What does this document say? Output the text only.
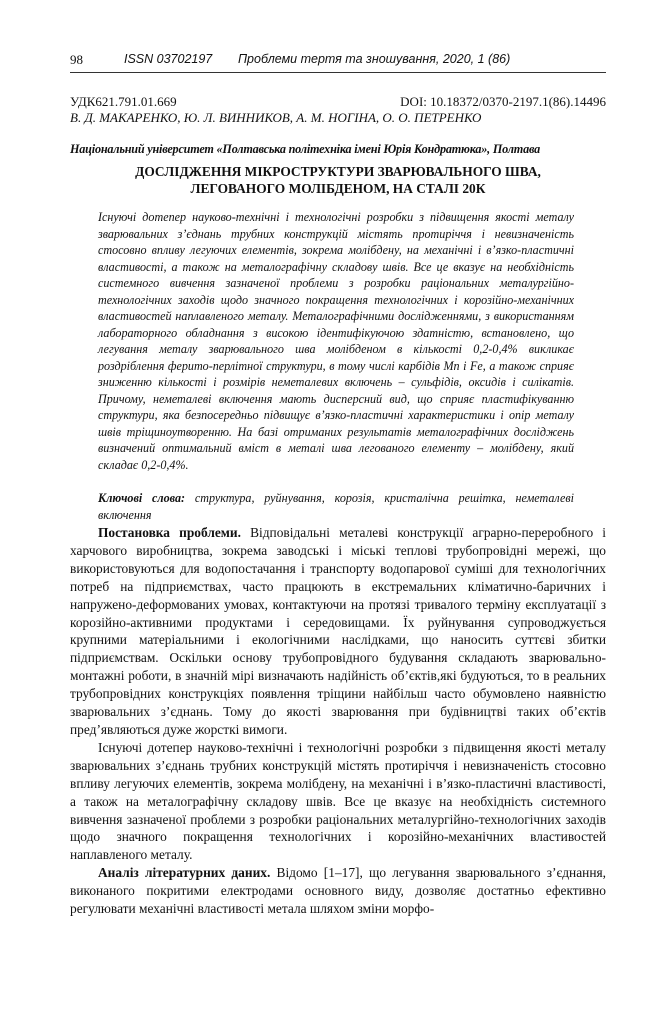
98	ISSN 03702197 Проблеми тертя та зношування, 2020, 1 (86)
УДК621.791.01.669	DOI: 10.18372/0370-2197.1(86).14496
В. Д. МАКАРЕНКО, Ю. Л. ВИННИКОВ, А. М. НОГІНА, О. О. ПЕТРЕНКО
Національний університет «Полтавська політехніка імені Юрія Кондратюка», Полтава
ДОСЛІДЖЕННЯ МІКРОСТРУКТУРИ ЗВАРЮВАЛЬНОГО ШВА,
ЛЕГОВАНОГО МОЛІБДЕНОМ, НА СТАЛІ 20К

Існуючі дотепер науково-технічні і технологічні розробки з підвищення якості металу зварювальних з’єднань трубних конструкцій містять протиріччя і невизначеність стосовно впливу легуючих елементів, зокрема молібдену, на механічні і в’язко-пластичні властивості, а також на металографічну складову швів. Все це вказує на необхідність системного вивчення зазначеної проблеми з розробки раціональних металургійно-технологічних заходів щодо значного покращення технологічних і корозійно-механічних властивостей наплавленого металу. Металографічними дослідженнями, з використанням лабораторного обладнання з високою ідентифікуючою здатністю, встановлено, що легування металу зварювального шва молібденом в кількості 0,2-0,4% викликає роздріблення ферито-перлітної структури, в тому числі карбідів Mn і Fe, а також сприяє зниженню кількості і розмірів неметалевих включень – сульфідів, оксидів і силікатів. Причому, неметалеві включення мають дисперсний вид, що сприяє пластифікуванню структури, яка безпосередньо підвищує в’язко-пластичні характеристики і опір металу швів тріщиноутворенню. На базі отриманих результатів металографічних досліджень визначений оптимальний вміст в металі шва легованого елементу – молібдену, який складає 0,2-0,4%.

Ключові слова: структура, руйнування, корозія, кристалічна решітка, неметалеві включення

Постановка проблеми. Відповідальні металеві конструкції аграрно-переробного і харчового виробництва, зокрема заводські і міські теплові трубопровідні мережі, що використовуються для водопостачання і транспорту водопарової суміші для технологічних потреб на підприємствах, часто працюють в екстремальних кліматично-баричних і напружено-деформованих умовах, контактуючи на протязі тривалого терміну експлуатації з корозійно-активними продуктами і середовищами. Їх руйнування супроводжується крупними матеріальними і екологічними наслідками, що наносить суттєві збитки підприємствам. Оскільки основу трубопровідного будування складають зварювально-монтажні роботи, в значній мірі визначають надійність об’єктів,які будуються, то в реальних трубопровідних конструкціях появлення тріщини найбільш часто обумовлено наявністю зварювальних з’єднань. Тому до якості зварювання при будівництві таких об’єктів пред’являються дуже жорсткі вимоги.

Існуючі дотепер науково-технічні і технологічні розробки з підвищення якості металу зварювальних з’єднань трубних конструкцій містять протиріччя і невизначеність стосовно впливу легуючих елементів, зокрема молібдену, на механічні і в’язко-пластичні властивості, а також на металографічну складову швів. Все це вказує на необхідність системного вивчення зазначеної проблеми з розробки раціональних металургійно-технологічних заходів щодо значного покращення технологічних і корозійно-механічних властивостей наплавленого металу.

Аналіз літературних даних. Відомо [1–17], що легування зварювального з’єднання, виконаного покритими електродами основного виду, дозволяє достатньо ефективно регулювати механічні властивості метала шляхом зміни морфо-
